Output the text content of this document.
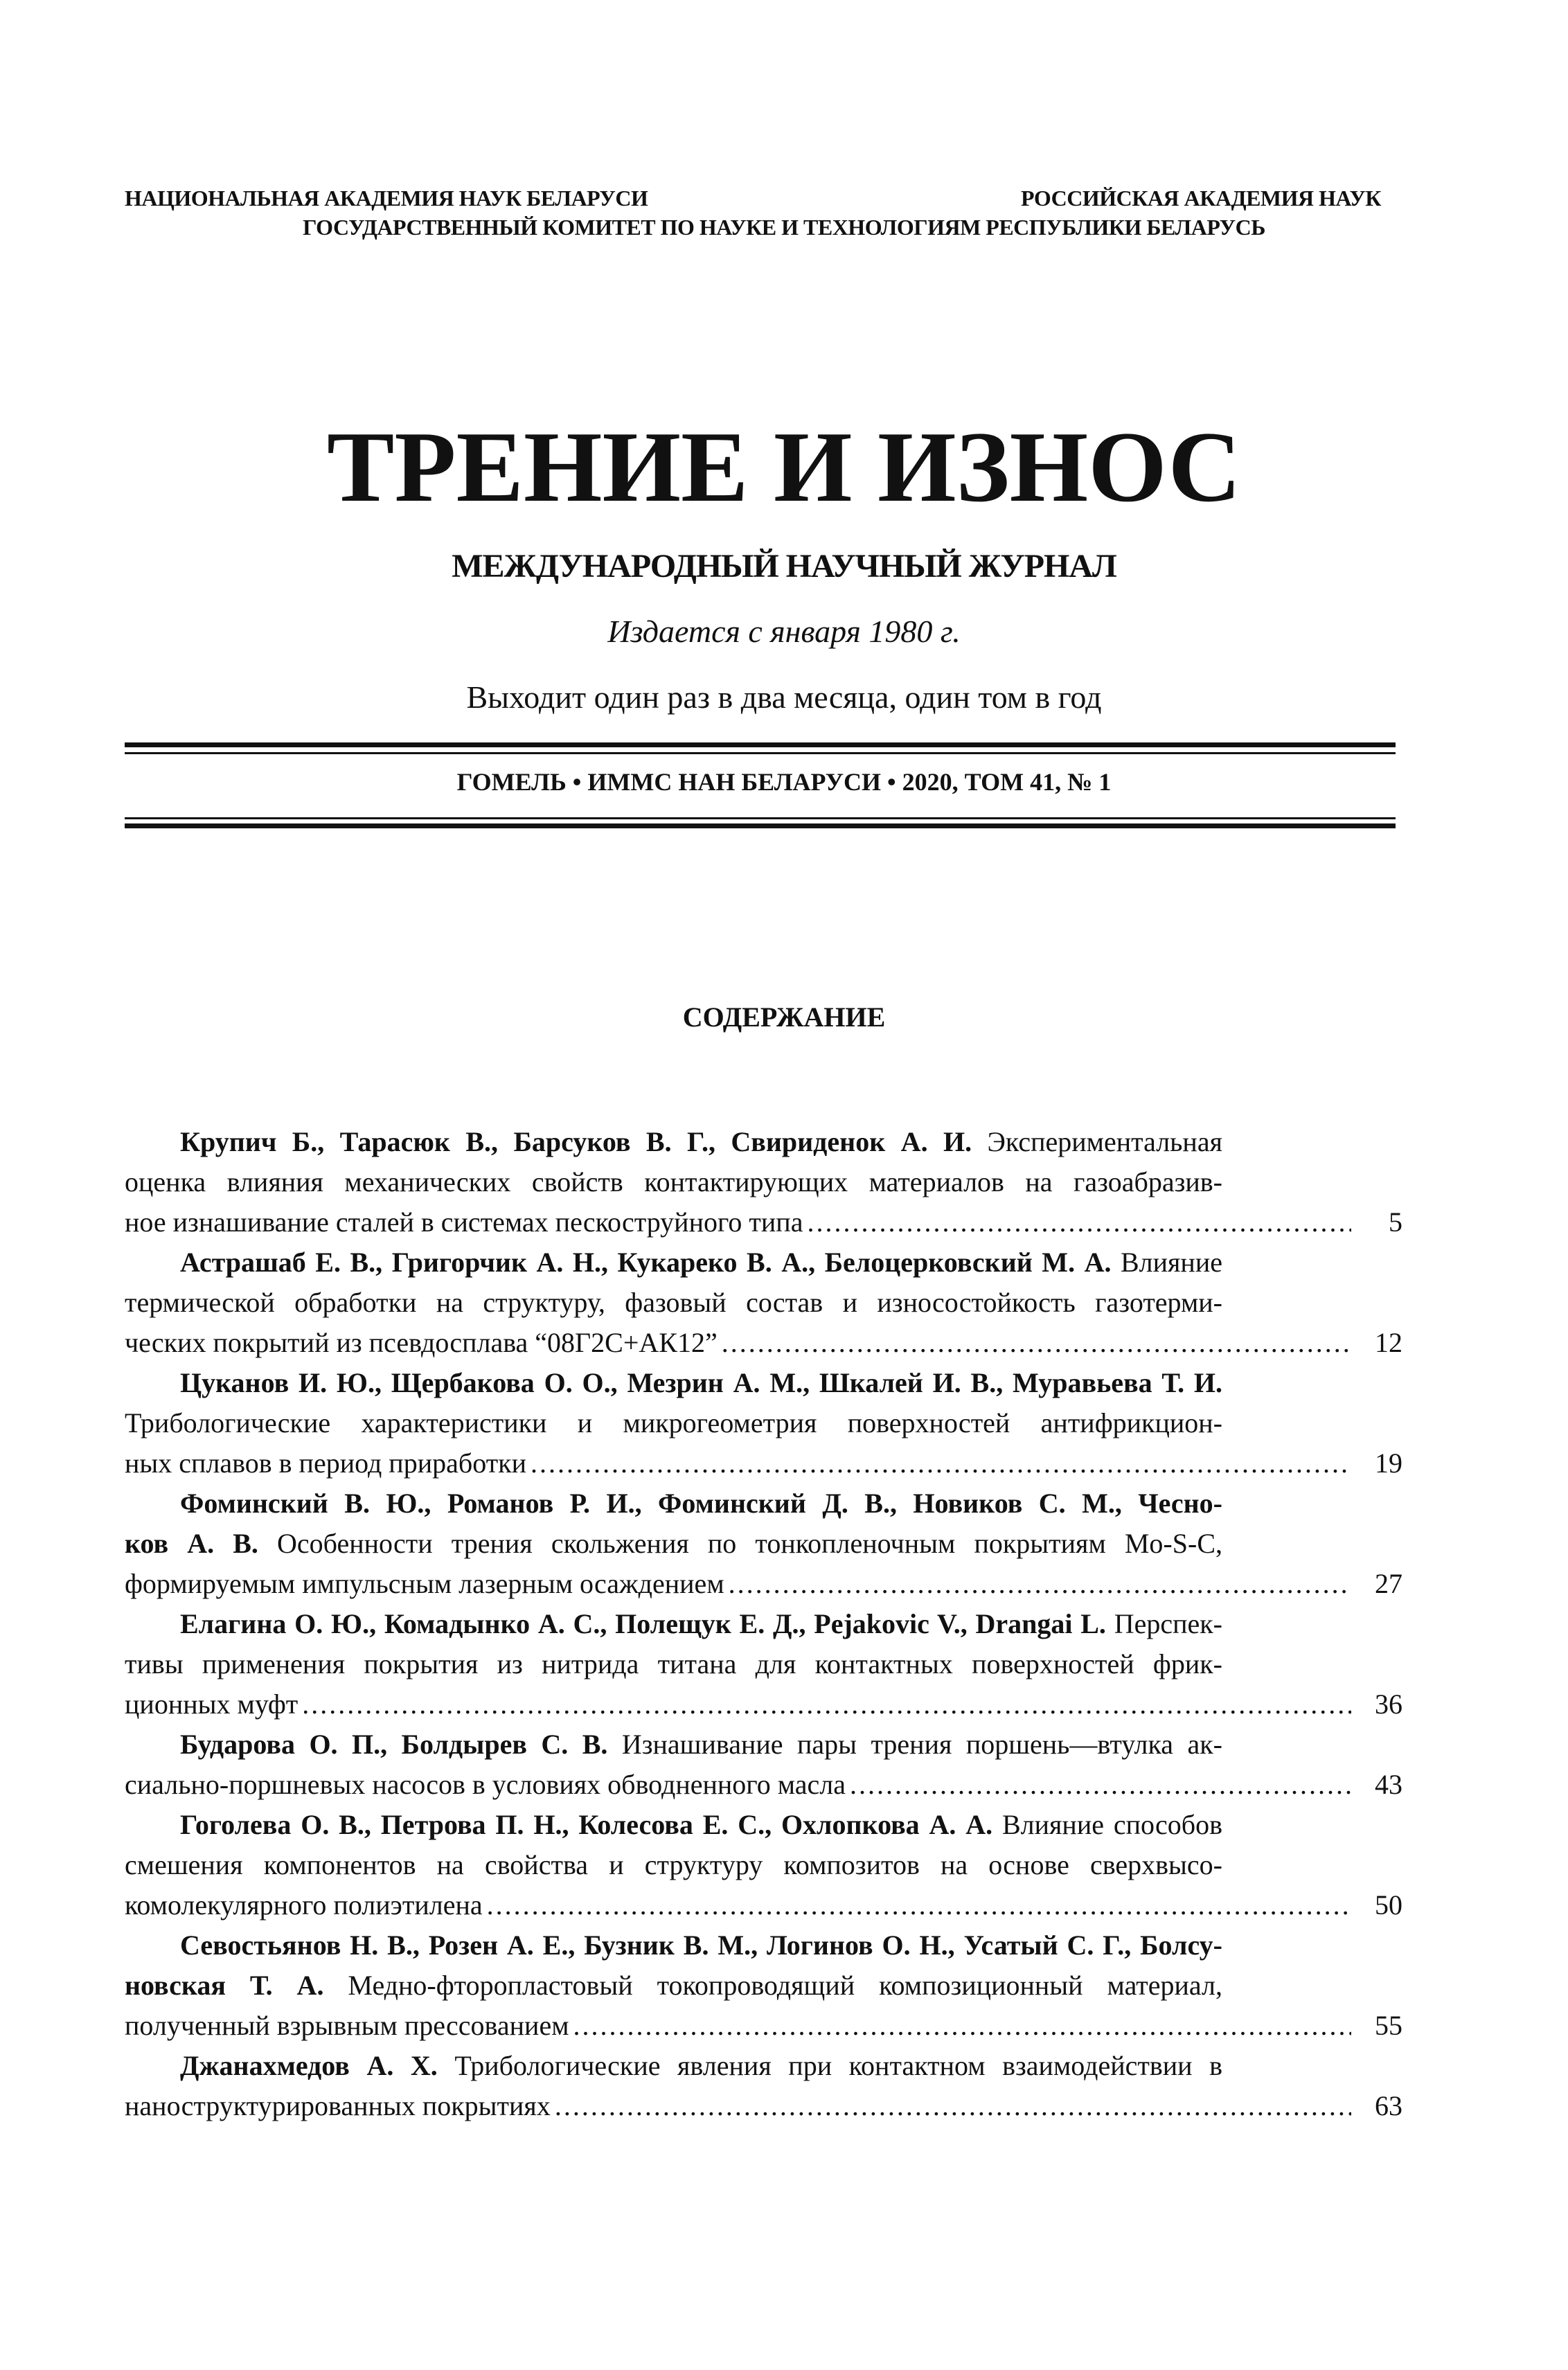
НАЦИОНАЛЬНАЯ АКАДЕМИЯ НАУК БЕЛАРУСИ	РОССИЙСКАЯ АКАДЕМИЯ НАУК
ГОСУДАРСТВЕННЫЙ КОМИТЕТ ПО НАУКЕ И ТЕХНОЛОГИЯМ РЕСПУБЛИКИ БЕЛАРУСЬ
ТРЕНИЕ И ИЗНОС
МЕЖДУНАРОДНЫЙ НАУЧНЫЙ ЖУРНАЛ
Издается с января 1980 г.
Выходит один раз в два месяца, один том в год
ГОМЕЛЬ • ИММС НАН БЕЛАРУСИ • 2020, ТОМ 41, № 1
СОДЕРЖАНИЕ
Крупич Б., Тарасюк В., Барсуков В. Г., Свириденок А. И. Экспериментальная
оценка влияния механических свойств контактирующих материалов на газоабразив-
ное изнашивание сталей в системах пескоструйного типа .....	5
Астрашаб Е. В., Григорчик А. Н., Кукареко В. А., Белоцерковский М. А. Влияние
термической обработки на структуру, фазовый состав и износостойкость газотерми-
ческих покрытий из псевдосплава “08Г2С+АК12” .....	12
Цуканов И. Ю., Щербакова О. О., Мезрин А. М., Шкалей И. В., Муравьева Т. И.
Трибологические характеристики и микрогеометрия поверхностей антифрикцион-
ных сплавов в период приработки .....	19
Фоминский В. Ю., Романов Р. И., Фоминский Д. В., Новиков С. М., Чесно-
ков А. В. Особенности трения скольжения по тонкопленочным покрытиям Mo-S-C,
формируемым импульсным лазерным осаждением .....	27
Елагина О. Ю., Комадынко А. С., Полещук Е. Д., Pejakovic V., Drangai L. Перспек-
тивы применения покрытия из нитрида титана для контактных поверхностей фрик-
ционных муфт .....	36
Бударова О. П., Болдырев С. В. Изнашивание пары трения поршень—втулка ак-
сиально-поршневых насосов в условиях обводненного масла .....	43
Гоголева О. В., Петрова П. Н., Колесова Е. С., Охлопкова А. А. Влияние способов
смешения компонентов на свойства и структуру композитов на основе сверхвысо-
комолекулярного полиэтилена .....	50
Севостьянов Н. В., Розен А. Е., Бузник В. М., Логинов О. Н., Усатый С. Г., Болсу-
новская Т. А. Медно-фторопластовый токопроводящий композиционный материал,
полученный взрывным прессованием .....	55
Джанахмедов А. Х. Трибологические явления при контактном взаимодействии в
наноструктурированных покрытиях .....	63
